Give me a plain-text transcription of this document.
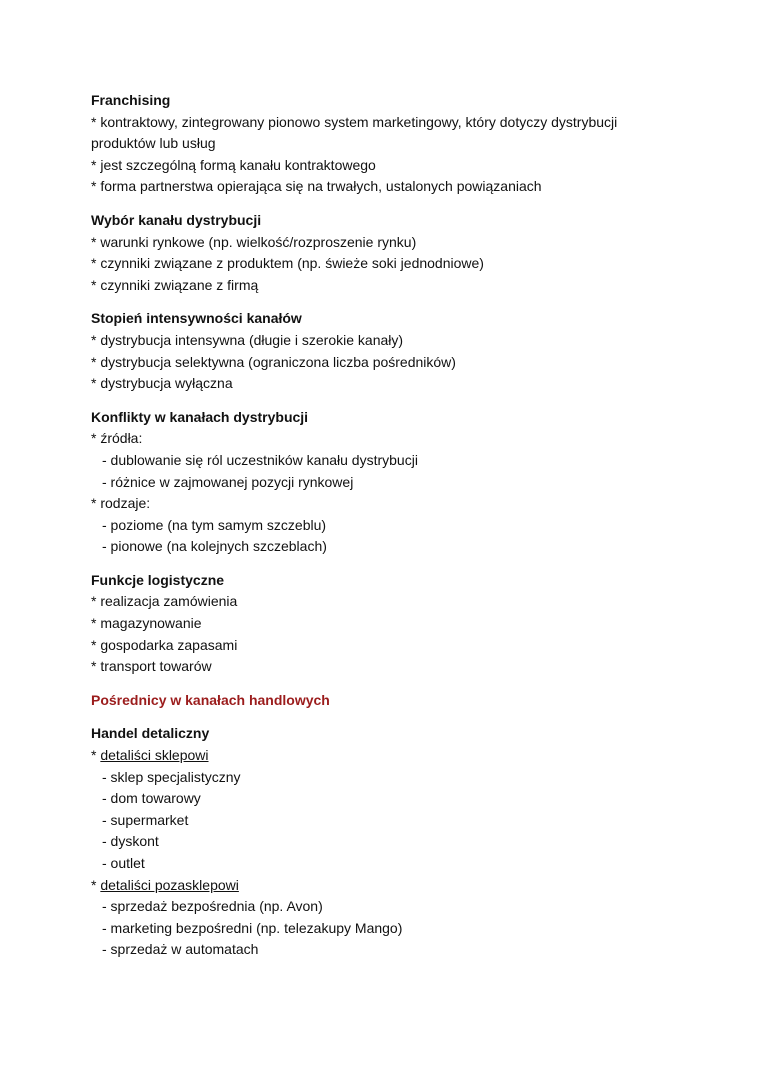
Franchising
* kontraktowy, zintegrowany pionowo system marketingowy, który dotyczy dystrybucji
produktów lub usług
* jest szczególną formą kanału kontraktowego
* forma partnerstwa opierająca się na trwałych, ustalonych powiązaniach
Wybór kanału dystrybucji
* warunki rynkowe (np. wielkość/rozproszenie rynku)
* czynniki związane z produktem (np. świeże soki jednodniowe)
* czynniki związane z firmą
Stopień intensywności kanałów
* dystrybucja intensywna (długie i szerokie kanały)
* dystrybucja selektywna (ograniczona liczba pośredników)
* dystrybucja wyłączna
Konflikty w kanałach dystrybucji
* źródła:
- dublowanie się ról uczestników kanału dystrybucji
- różnice w zajmowanej pozycji rynkowej
* rodzaje:
- poziome (na tym samym szczeblu)
- pionowe (na kolejnych szczeblach)
Funkcje logistyczne
* realizacja zamówienia
* magazynowanie
* gospodarka zapasami
* transport towarów
Pośrednicy w kanałach handlowych
Handel detaliczny
* detaliści sklepowi
- sklep specjalistyczny
- dom towarowy
- supermarket
- dyskont
- outlet
* detaliści pozasklepowi
- sprzedaż bezpośrednia (np. Avon)
- marketing bezpośredni (np. telezakupy Mango)
- sprzedaż w automatach
